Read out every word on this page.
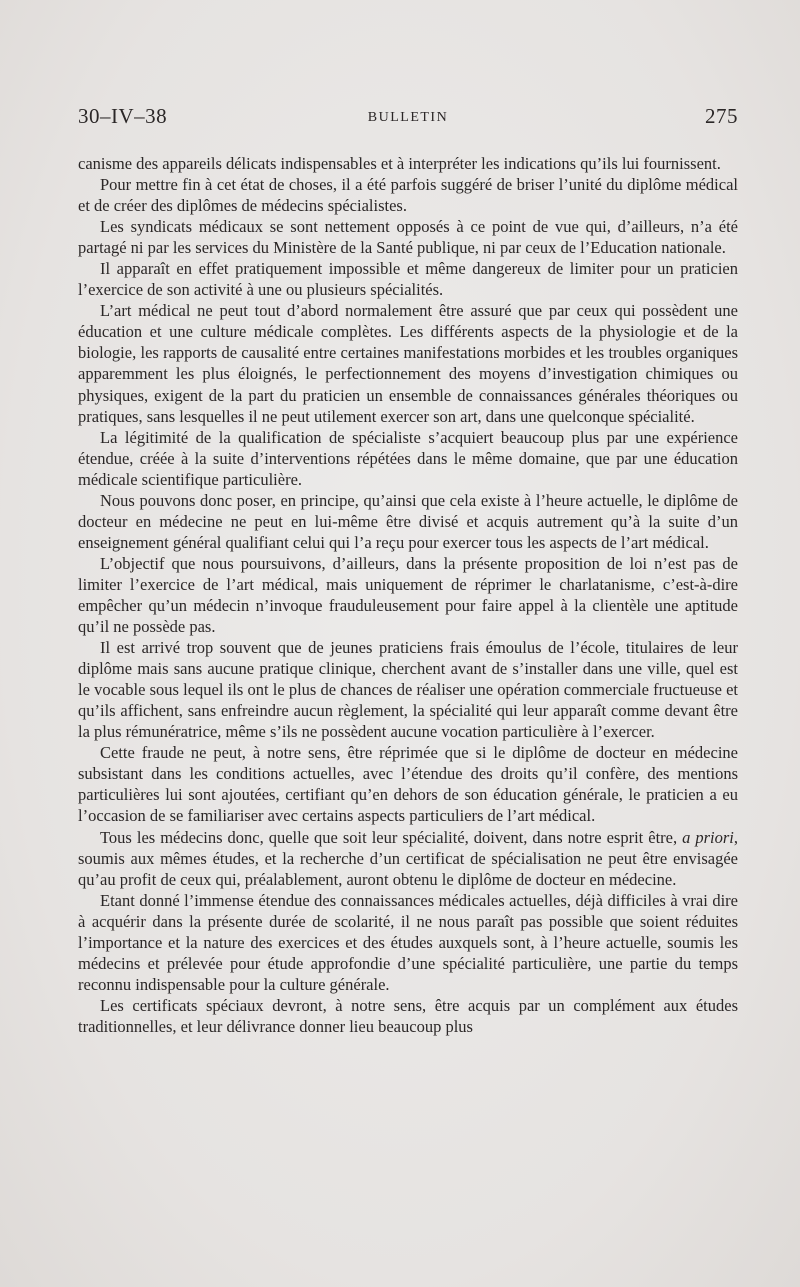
30–IV–38	BULLETIN	275

canisme des appareils délicats indispensables et à interpréter les indications qu’ils lui fournissent.

Pour mettre fin à cet état de choses, il a été parfois suggéré de briser l’unité du diplôme médical et de créer des diplômes de médecins spécialistes.

Les syndicats médicaux se sont nettement opposés à ce point de vue qui, d’ailleurs, n’a été partagé ni par les services du Ministère de la Santé publique, ni par ceux de l’Education nationale.

Il apparaît en effet pratiquement impossible et même dangereux de limiter pour un praticien l’exercice de son activité à une ou plusieurs spécialités.

L’art médical ne peut tout d’abord normalement être assuré que par ceux qui possèdent une éducation et une culture médicale complètes. Les différents aspects de la physiologie et de la biologie, les rapports de causalité entre certaines manifestations morbides et les troubles organiques apparemment les plus éloignés, le perfectionnement des moyens d’investigation chimiques ou physiques, exigent de la part du praticien un ensemble de connaissances générales théoriques ou pratiques, sans lesquelles il ne peut utilement exercer son art, dans une quelconque spécialité.

La légitimité de la qualification de spécialiste s’acquiert beaucoup plus par une expérience étendue, créée à la suite d’interventions répétées dans le même domaine, que par une éducation médicale scientifique particulière.

Nous pouvons donc poser, en principe, qu’ainsi que cela existe à l’heure actuelle, le diplôme de docteur en médecine ne peut en lui-même être divisé et acquis autrement qu’à la suite d’un enseignement général qualifiant celui qui l’a reçu pour exercer tous les aspects de l’art médical.

L’objectif que nous poursuivons, d’ailleurs, dans la présente proposition de loi n’est pas de limiter l’exercice de l’art médical, mais uniquement de réprimer le charlatanisme, c’est-à-dire empêcher qu’un médecin n’invoque frauduleusement pour faire appel à la clientèle une aptitude qu’il ne possède pas.

Il est arrivé trop souvent que de jeunes praticiens frais émoulus de l’école, titulaires de leur diplôme mais sans aucune pratique clinique, cherchent avant de s’installer dans une ville, quel est le vocable sous lequel ils ont le plus de chances de réaliser une opération commerciale fructueuse et qu’ils affichent, sans enfreindre aucun règlement, la spécialité qui leur apparaît comme devant être la plus rémunératrice, même s’ils ne possèdent aucune vocation particulière à l’exercer.

Cette fraude ne peut, à notre sens, être réprimée que si le diplôme de docteur en médecine subsistant dans les conditions actuelles, avec l’étendue des droits qu’il confère, des mentions particulières lui sont ajoutées, certifiant qu’en dehors de son éducation générale, le praticien a eu l’occasion de se familiariser avec certains aspects particuliers de l’art médical.

Tous les médecins donc, quelle que soit leur spécialité, doivent, dans notre esprit être, a priori, soumis aux mêmes études, et la recherche d’un certificat de spécialisation ne peut être envisagée qu’au profit de ceux qui, préalablement, auront obtenu le diplôme de docteur en médecine.

Etant donné l’immense étendue des connaissances médicales actuelles, déjà difficiles à vrai dire à acquérir dans la présente durée de scolarité, il ne nous paraît pas possible que soient réduites l’importance et la nature des exercices et des études auxquels sont, à l’heure actuelle, soumis les médecins et prélevée pour étude approfondie d’une spécialité particulière, une partie du temps reconnu indispensable pour la culture générale.

Les certificats spéciaux devront, à notre sens, être acquis par un complément aux études traditionnelles, et leur délivrance donner lieu beaucoup plus
